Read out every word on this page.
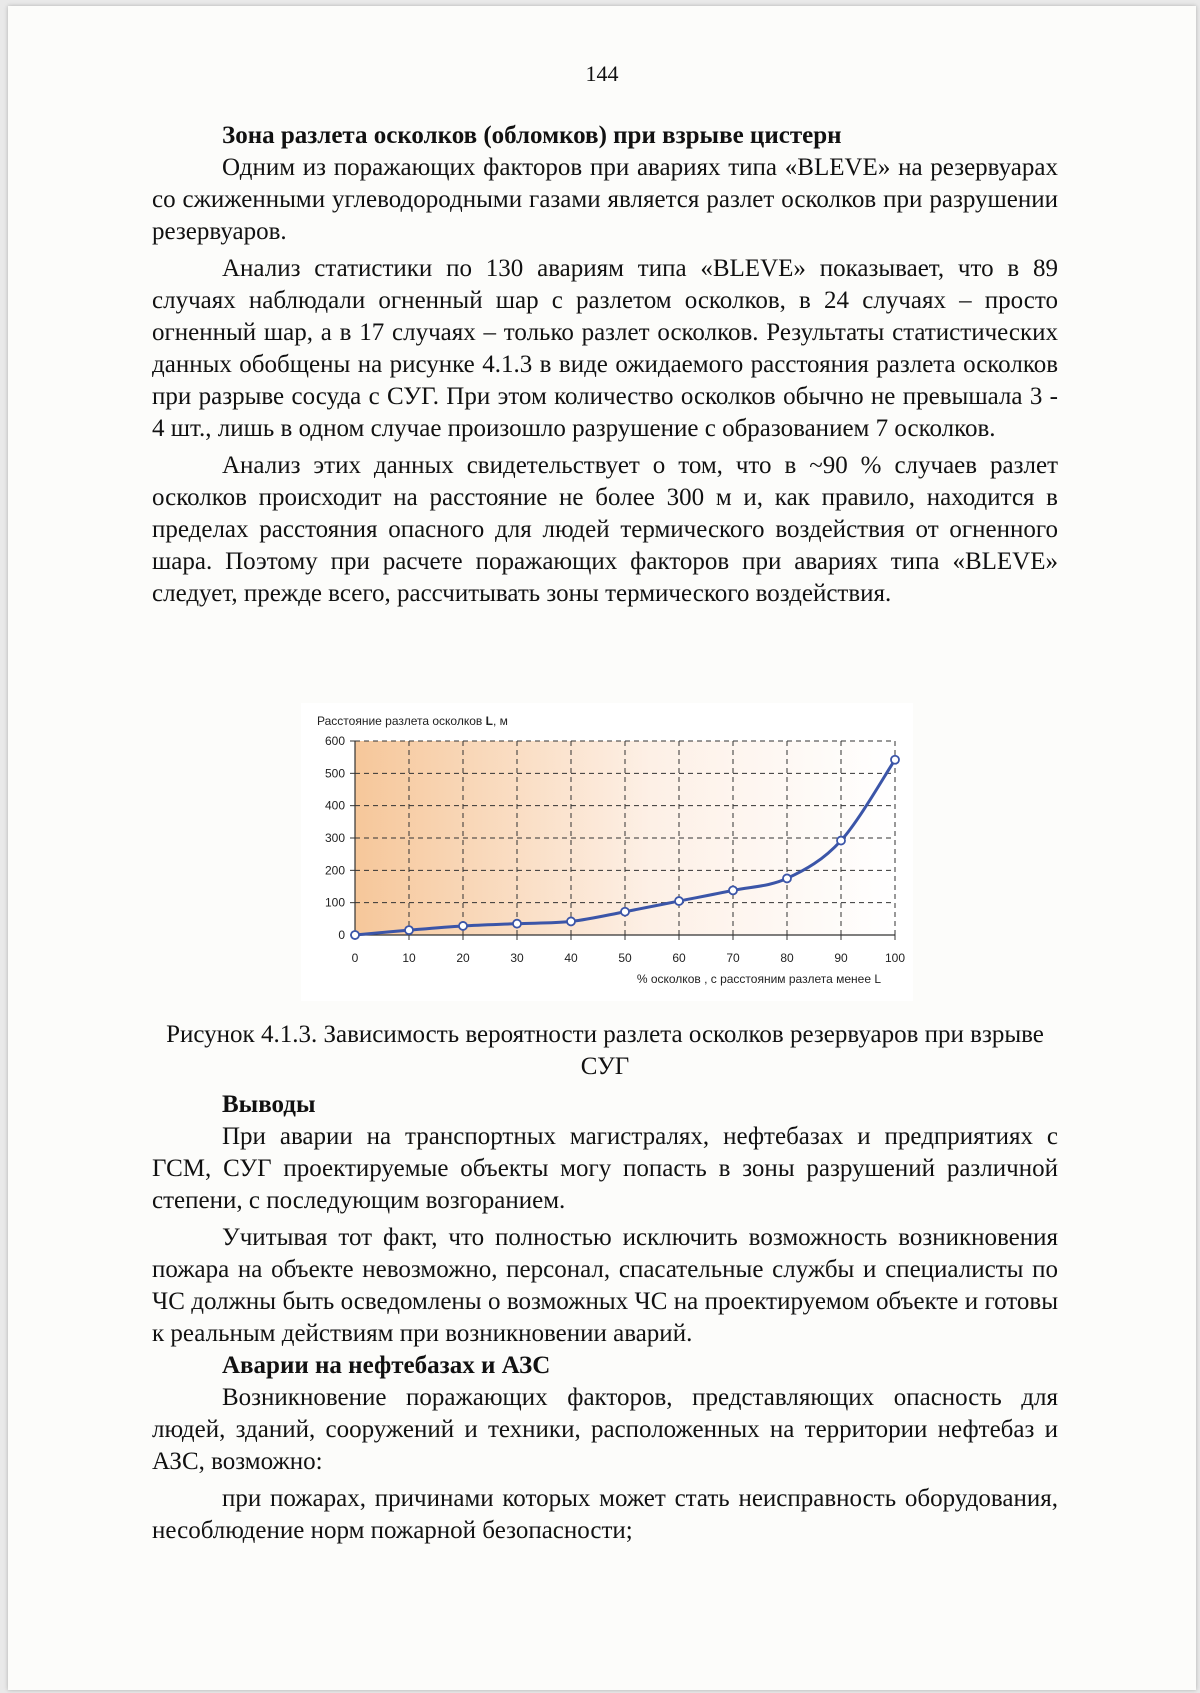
144
Зона разлета осколков (обломков) при взрыве цистерн

Одним из поражающих факторов при авариях типа «BLEVE» на резервуарах со сжиженными углеводородными газами является разлет осколков при разрушении резервуаров.

Анализ статистики по 130 авариям типа «BLEVE» показывает, что в 89 случаях наблюдали огненный шар с разлетом осколков, в 24 случаях – просто огненный шар, а в 17 случаях – только разлет осколков. Результаты статистических данных обобщены на рисунке 4.1.3 в виде ожидаемого расстояния разлета осколков при разрыве сосуда с СУГ. При этом количество осколков обычно не превышала 3 - 4 шт., лишь в одном случае произошло разрушение с образованием 7 осколков.

Анализ этих данных свидетельствует о том, что в ~90 % случаев разлет осколков происходит на расстояние не более 300 м и, как правило, находится в пределах расстояния опасного для людей термического воздействия от огненного шара. Поэтому при расчете поражающих факторов при авариях типа «BLEVE» следует, прежде всего, рассчитывать зоны термического воздействия.

Расстояние разлета осколков L, м
0
100
200
300
400
500
600
0	10	20	30	40	50	60	70	80	90	100
% осколков , с расстояним разлета менее L
Рисунок 4.1.3. Зависимость вероятности разлета осколков резервуаров при взрыве СУГ
Выводы

При аварии на транспортных магистралях, нефтебазах и предприятиях с ГСМ, СУГ проектируемые объекты могу попасть в зоны разрушений различной степени, с последующим возгоранием.

Учитывая тот факт, что полностью исключить возможность возникновения пожара на объекте невозможно, персонал, спасательные службы и специалисты по ЧС должны быть осведомлены о возможных ЧС на проектируемом объекте и готовы к реальным действиям при возникновении аварий.

Аварии на нефтебазах и АЗС

Возникновение поражающих факторов, представляющих опасность для людей, зданий, сооружений и техники, расположенных на территории нефтебаз и АЗС, возможно:

при пожарах, причинами которых может стать неисправность оборудования, несоблюдение норм пожарной безопасности;
